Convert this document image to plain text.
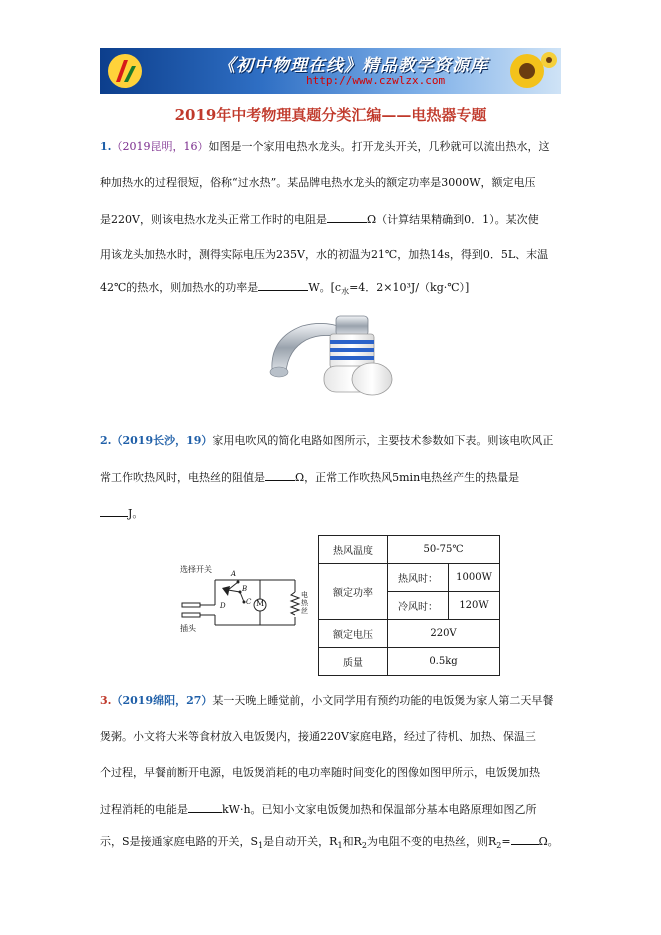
《初中物理在线》精品教学资源库
http://www.czwlzx.com
2019年中考物理真题分类汇编——电热器专题
1.（2019昆明，16）如图是一个家用电热水龙头。打开龙头开关，几秒就可以流出热水，这
种加热水的过程很短，俗称“过水热”。某品牌电热水龙头的额定功率是3000W，额定电压
是220V，则该电热水龙头正常工作时的电阻是	Ω（计算结果精确到0．1）。某次使
用该龙头加热水时，测得实际电压为235V，水的初温为21℃，加热14s，得到0．5L、末温
42℃的热水，则加热水的功率是	W。[$c_水=4$．2×10³J/（kg·℃）]
2.（2019长沙，19）家用电吹风的简化电路如图所示，主要技术参数如下表。则该电吹风正
常工作吹热风时，电热丝的阻值是	Ω，正常工作吹热风5min电热丝产生的热量是
J。
选择开关
插头
A
B
C
D	M
电热丝
热风温度	50-75℃	
额定功率	热风时：	1000W
	冷风时：	120W
额定电压	220V	
质量	0.5kg	
3.（2019绵阳，27）某一天晚上睡觉前，小文同学用有预约功能的电饭煲为家人第二天早餐
煲粥。小文将大米等食材放入电饭煲内，接通220V家庭电路，经过了待机、加热、保温三
个过程，早餐前断开电源，电饭煲消耗的电功率随时间变化的图像如图甲所示，电饭煲加热
过程消耗的电能是	kW·h。已知小文家电饭煲加热和保温部分基本电路原理如图乙所
示，S是接通家庭电路的开关，$S_1$是自动开关，$R_1$和$R_2$为电阻不变的电热丝，则$R_2=$	Ω。
